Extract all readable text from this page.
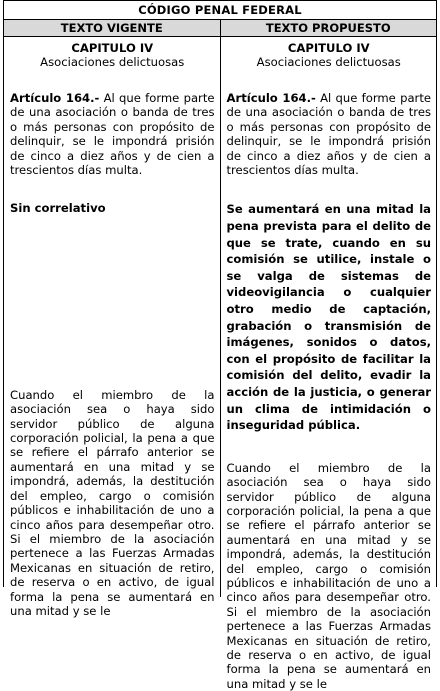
CÓDIGO PENAL FEDERAL
TEXTO VIGENTE	TEXTO PROPUESTO
CAPITULO IV
Asociaciones delictuosas

Artículo 164.- Al que forme parte de una asociación o banda de tres o más personas con propósito de delinquir, se le impondrá prisión de cinco a diez años y de cien a trescientos días multa.

Sin correlativo

Cuando el miembro de la asociación sea o haya sido servidor público de alguna corporación policial, la pena a que se refiere el párrafo anterior se aumentará en una mitad y se impondrá, además, la destitución del empleo, cargo o comisión públicos e inhabilitación de uno a cinco años para desempeñar otro. Si el miembro de la asociación pertenece a las Fuerzas Armadas Mexicanas en situación de retiro, de reserva o en activo, de igual forma la pena se aumentará en una mitad y se le

CAPITULO IV
Asociaciones delictuosas

Artículo 164.- Al que forme parte de una asociación o banda de tres o más personas con propósito de delinquir, se le impondrá prisión de cinco a diez años y de cien a trescientos días multa.

Se aumentará en una mitad la pena prevista para el delito de que se trate, cuando en su comisión se utilice, instale o se valga de sistemas de videovigilancia o cualquier otro medio de captación, grabación o transmisión de imágenes, sonidos o datos, con el propósito de facilitar la comisión del delito, evadir la acción de la justicia, o generar un clima de intimidación o inseguridad pública.

Cuando el miembro de la asociación sea o haya sido servidor público de alguna corporación policial, la pena a que se refiere el párrafo anterior se aumentará en una mitad y se impondrá, además, la destitución del empleo, cargo o comisión públicos e inhabilitación de uno a cinco años para desempeñar otro. Si el miembro de la asociación pertenece a las Fuerzas Armadas Mexicanas en situación de retiro, de reserva o en activo, de igual forma la pena se aumentará en una mitad y se le
